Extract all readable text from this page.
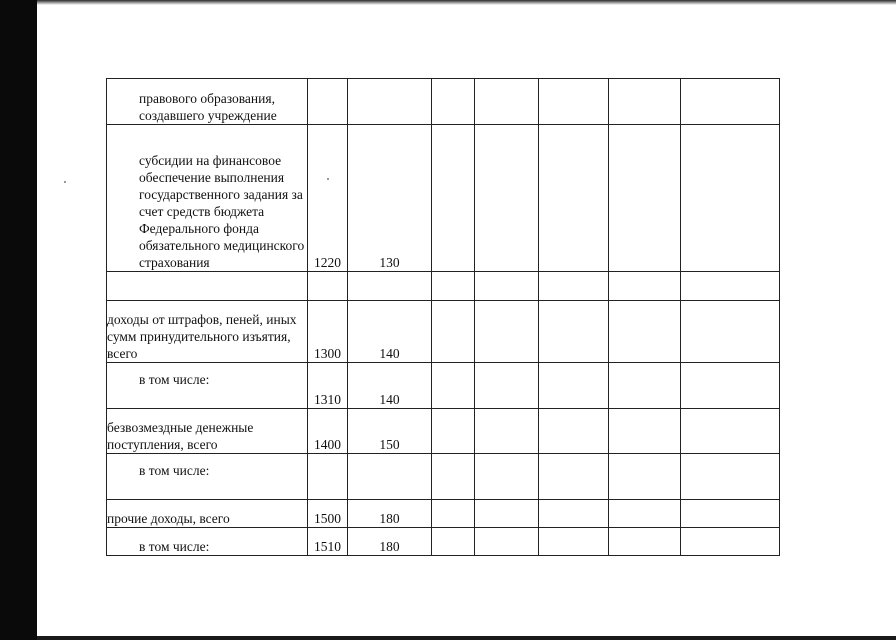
правового образования, создавшего учреждение							
субсидии на финансовое обеспечение выполнения государственного задания за счет средств бюджета Федерального фонда обязательного медицинского страхования	1220	130					

доходы от штрафов, пеней, иных сумм принудительного изъятия, всего	1300	140					
в том числе:	1310	140					
безвозмездные денежные поступления, всего	1400	150					
в том числе:							
прочие доходы, всего	1500	180					
в том числе:	1510	180					
